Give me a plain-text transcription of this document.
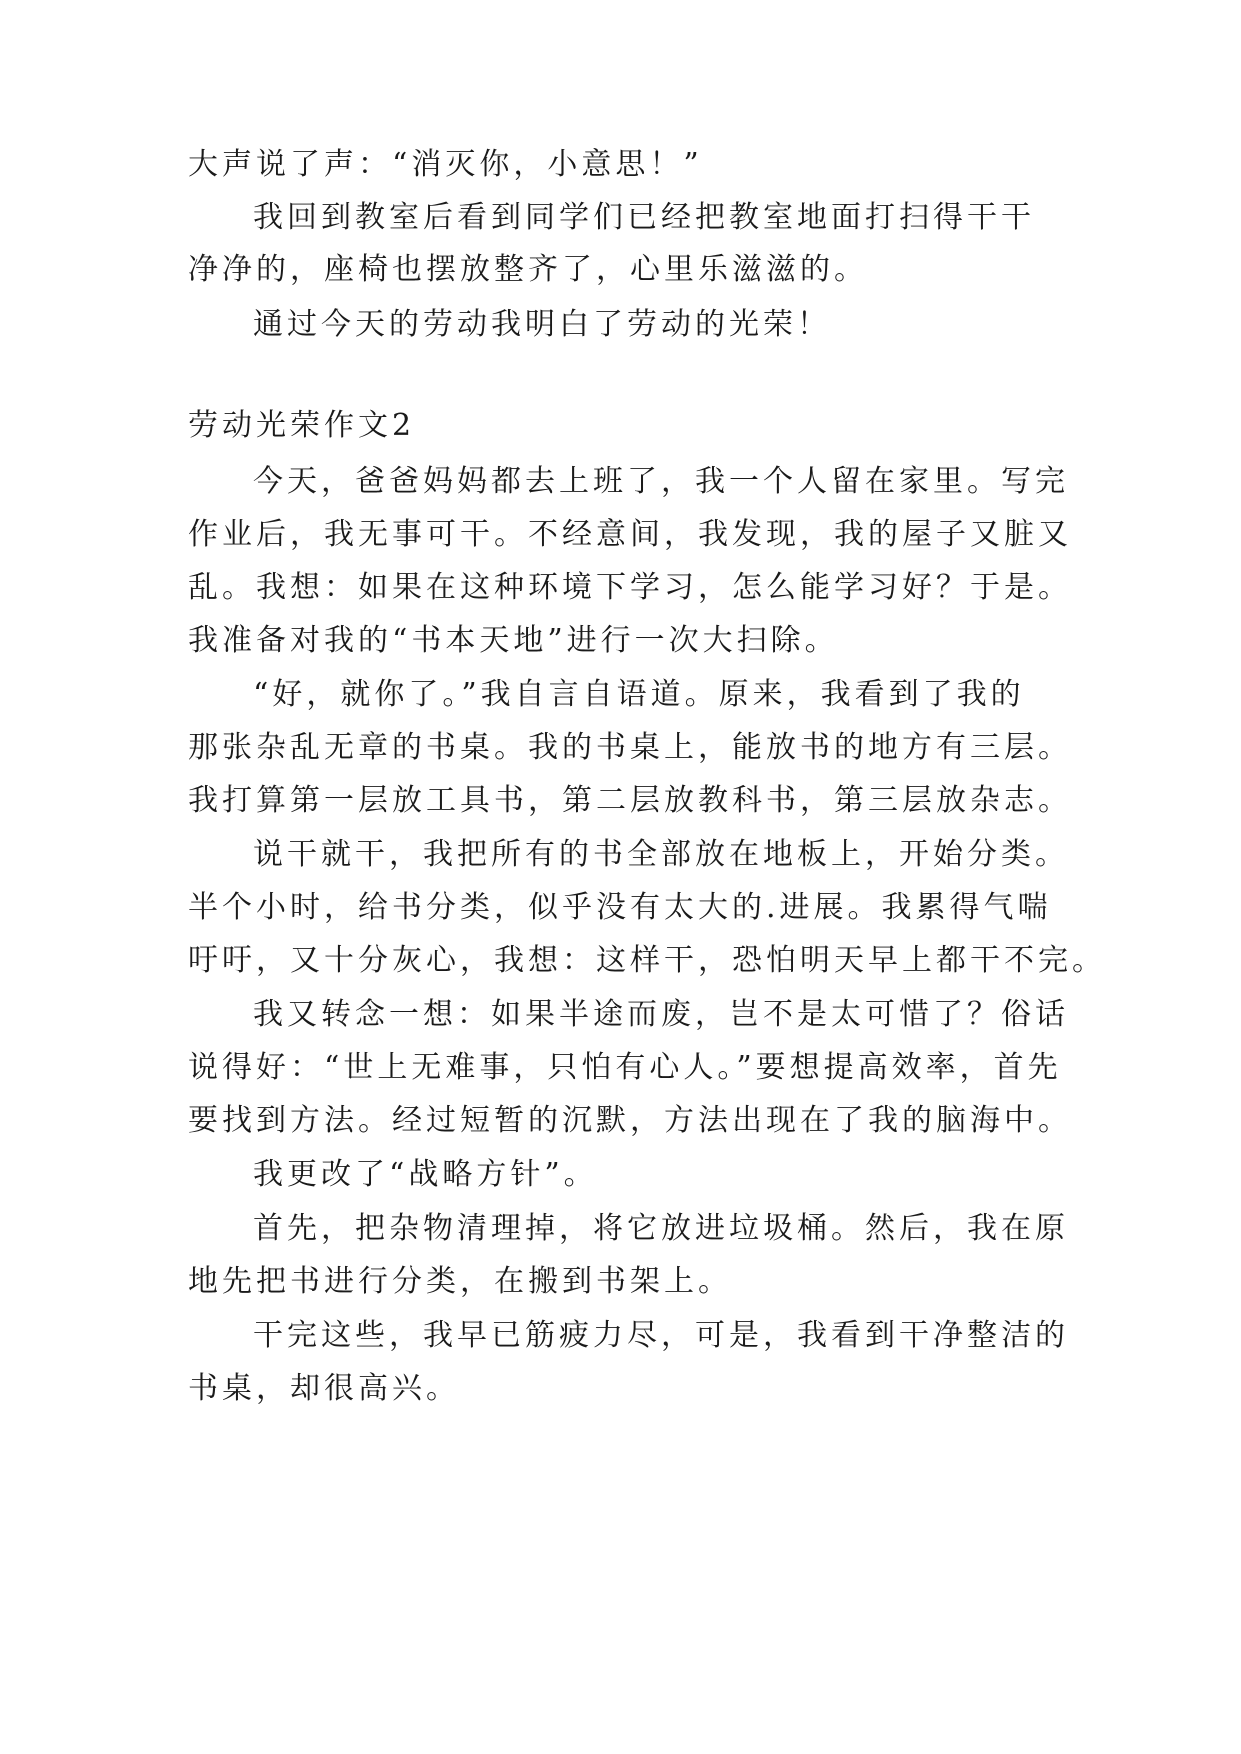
大声说了声：“消灭你，小意思！”
我回到教室后看到同学们已经把教室地面打扫得干干
净净的，座椅也摆放整齐了，心里乐滋滋的。
通过今天的劳动我明白了劳动的光荣！
劳动光荣作文2
今天，爸爸妈妈都去上班了，我一个人留在家里。写完
作业后，我无事可干。不经意间，我发现，我的屋子又脏又
乱。我想：如果在这种环境下学习，怎么能学习好？于是。
我准备对我的“书本天地”进行一次大扫除。
“好，就你了。”我自言自语道。原来，我看到了我的
那张杂乱无章的书桌。我的书桌上，能放书的地方有三层。
我打算第一层放工具书，第二层放教科书，第三层放杂志。
说干就干，我把所有的书全部放在地板上，开始分类。
半个小时，给书分类，似乎没有太大的.进展。我累得气喘
吁吁，又十分灰心，我想：这样干，恐怕明天早上都干不完。
我又转念一想：如果半途而废，岂不是太可惜了？俗话
说得好：“世上无难事，只怕有心人。”要想提高效率，首先
要找到方法。经过短暂的沉默，方法出现在了我的脑海中。
我更改了“战略方针”。
首先，把杂物清理掉，将它放进垃圾桶。然后，我在原
地先把书进行分类，在搬到书架上。
干完这些，我早已筋疲力尽，可是，我看到干净整洁的
书桌，却很高兴。
